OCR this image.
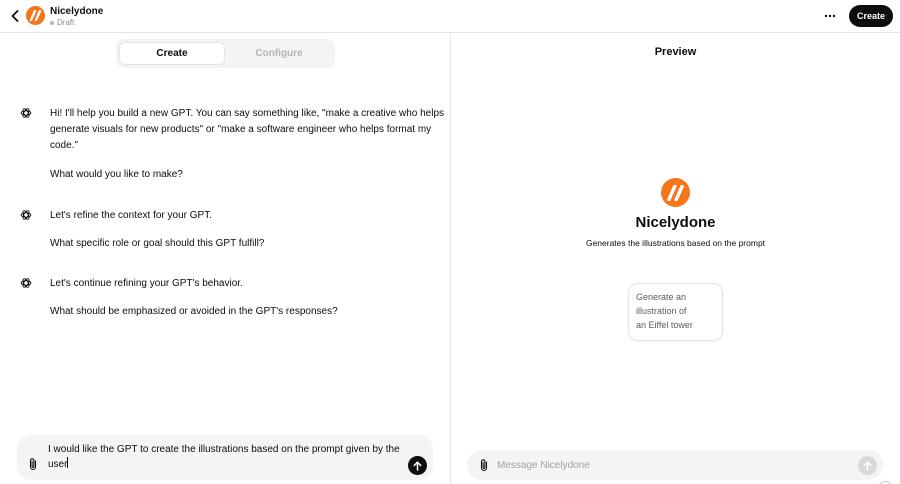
Nicelydone
Draft
Create
Create	Configure
Hi! I'll help you build a new GPT. You can say something like, "make a creative who helps
generate visuals for new products" or "make a software engineer who helps format my
code."
What would you like to make?
Let's refine the context for your GPT.
What specific role or goal should this GPT fulfill?
Let's continue refining your GPT's behavior.
What should be emphasized or avoided in the GPT's responses?
I would like the GPT to create the illustrations based on the prompt given by the
user
Preview
Nicelydone
Generates the illustrations based on the prompt
Generate an
illustration of
an Eiffel tower
Message Nicelydone
